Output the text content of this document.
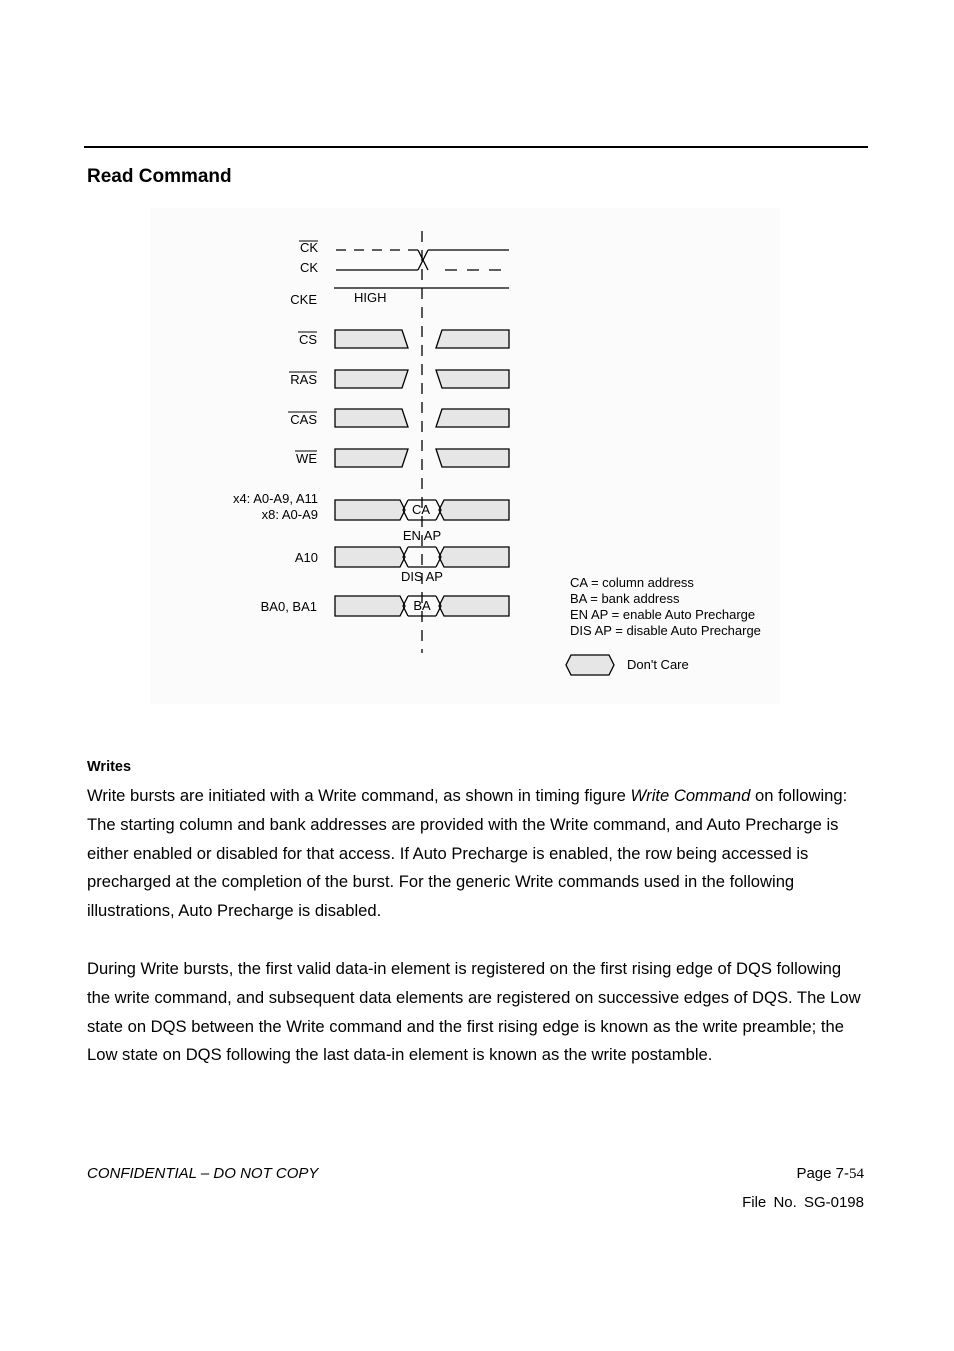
Read Command
CK
CK
CKE
CS
RAS
CAS
WE
x4: A0-A9, A11
x8: A0-A9
A10
BA0, BA1
HIGH
CA
EN AP
DIS AP
BA
CA = column address
BA = bank address
EN AP = enable Auto Precharge
DIS AP = disable Auto Precharge
Don't Care
Writes

Write bursts are initiated with a Write command, as shown in timing figure Write Command on following: The starting column and bank addresses are provided with the Write command, and Auto Precharge is either enabled or disabled for that access. If Auto Precharge is enabled, the row being accessed is precharged at the completion of the burst. For the generic Write commands used in the following illustrations, Auto Precharge is disabled.

During Write bursts, the first valid data-in element is registered on the first rising edge of DQS following the write command, and subsequent data elements are registered on successive edges of DQS. The Low state on DQS between the Write command and the first rising edge is known as the write preamble; the Low state on DQS following the last data-in element is known as the write postamble.

CONFIDENTIAL – DO NOT COPY	Page 7-54
File No. SG-0198
